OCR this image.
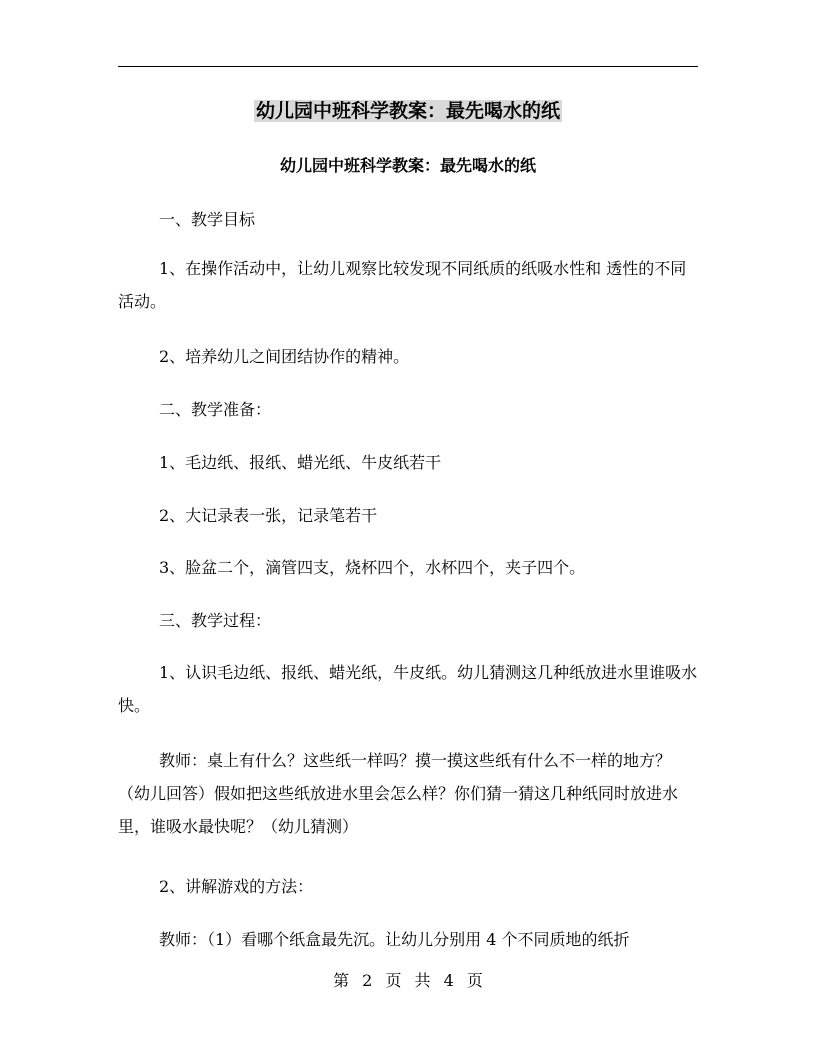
幼儿园中班科学教案：最先喝水的纸
幼儿园中班科学教案：最先喝水的纸

一、教学目标

1、在操作活动中，让幼儿观察比较发现不同纸质的纸吸水性和 透性的不同活动。

2、培养幼儿之间团结协作的精神。

二、教学准备：

1、毛边纸、报纸、蜡光纸、牛皮纸若干

2、大记录表一张，记录笔若干

3、脸盆二个，滴管四支，烧杯四个，水杯四个，夹子四个。

三、教学过程：

1、认识毛边纸、报纸、蜡光纸，牛皮纸。幼儿猜测这几种纸放进水里谁吸水快。

教师：桌上有什么？这些纸一样吗？摸一摸这些纸有什么不一样的地方？（幼儿回答）假如把这些纸放进水里会怎么样？你们猜一猜这几种纸同时放进水里，谁吸水最快呢？（幼儿猜测）

2、讲解游戏的方法：

教师：（1）看哪个纸盒最先沉。让幼儿分别用 4 个不同质地的纸折

第 2 页 共 4 页
